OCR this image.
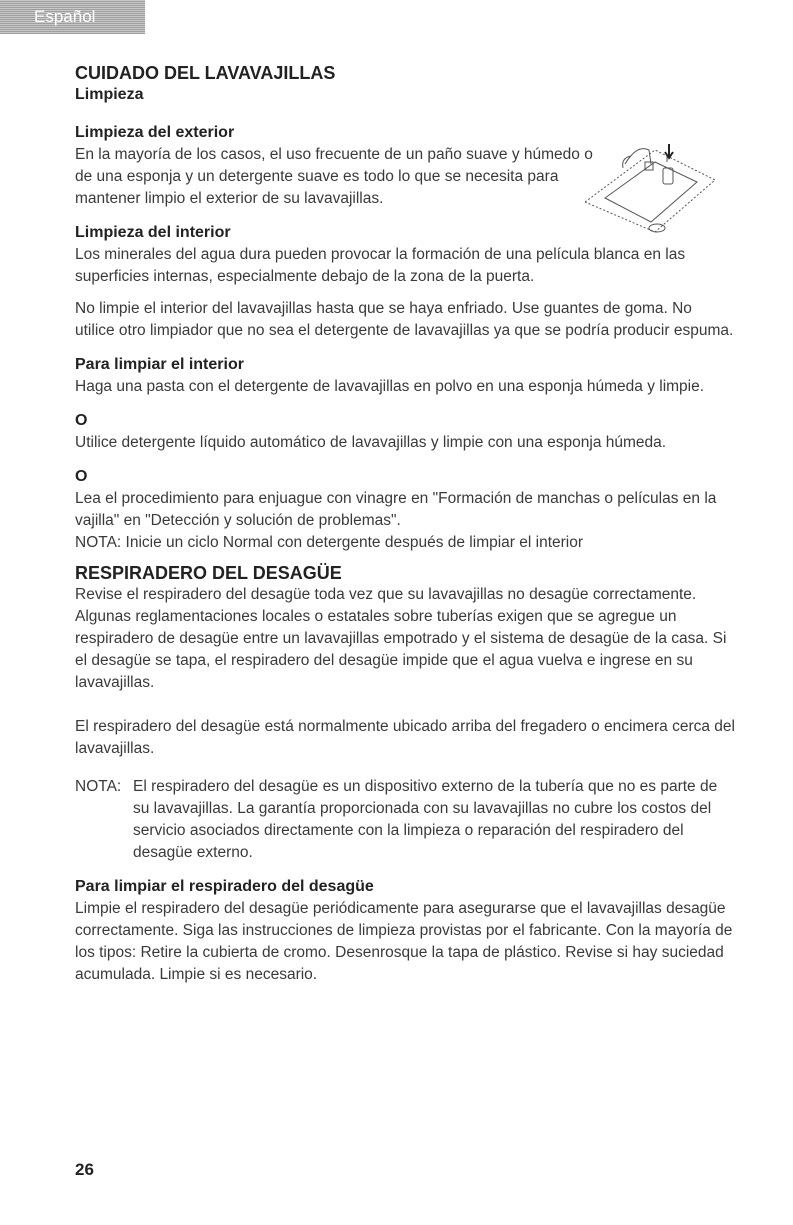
Español
CUIDADO DEL LAVAVAJILLAS
Limpieza
Limpieza del exterior

En la mayoría de los casos, el uso frecuente de un paño suave y húmedo o de una esponja y un detergente suave es todo lo que se necesita para mantener limpio el exterior de su lavavajillas.

Limpieza del interior

Los minerales del agua dura pueden provocar la formación de una película blanca en las superficies internas, especialmente debajo de la zona de la puerta.

No limpie el interior del lavavajillas hasta que se haya enfriado. Use guantes de goma. No utilice otro limpiador que no sea el detergente de lavavajillas ya que se podría producir espuma.

Para limpiar el interior

Haga una pasta con el detergente de lavavajillas en polvo en una esponja húmeda y limpie.

O

Utilice detergente líquido automático de lavavajillas y limpie con una esponja húmeda.

O

Lea el procedimiento para enjuague con vinagre en "Formación de manchas o películas en la vajilla" en "Detección y solución de problemas".

NOTA: Inicie un ciclo Normal con detergente después de limpiar el interior

RESPIRADERO DEL DESAGÜE

Revise el respiradero del desagüe toda vez que su lavavajillas no desagüe correctamente. Algunas reglamentaciones locales o estatales sobre tuberías exigen que se agregue un respiradero de desagüe entre un lavavajillas empotrado y el sistema de desagüe de la casa. Si el desagüe se tapa, el respiradero del desagüe impide que el agua vuelva e ingrese en su lavavajillas.

El respiradero del desagüe está normalmente ubicado arriba del fregadero o encimera cerca del lavavajillas.

NOTA: El respiradero del desagüe es un dispositivo externo de la tubería que no es parte de su lavavajillas. La garantía proporcionada con su lavavajillas no cubre los costos del servicio asociados directamente con la limpieza o reparación del respiradero del desagüe externo.

Para limpiar el respiradero del desagüe

Limpie el respiradero del desagüe periódicamente para asegurarse que el lavavajillas desagüe correctamente. Siga las instrucciones de limpieza provistas por el fabricante. Con la mayoría de los tipos: Retire la cubierta de cromo. Desenrosque la tapa de plástico. Revise si hay suciedad acumulada. Limpie si es necesario.

26
